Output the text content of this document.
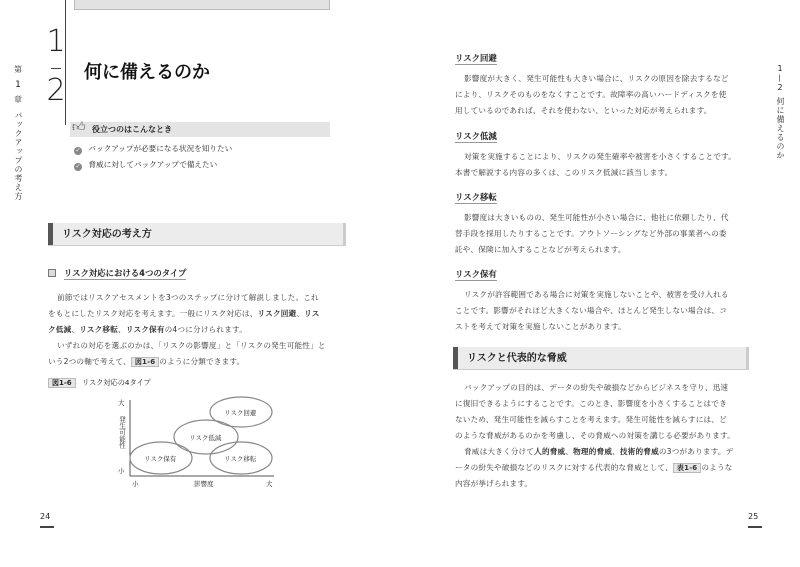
第
1
章
バックアップの考え方
1
2
何に備えるのか
👍︎ 役立つのはこんなとき
✓ バックアップが必要になる状況を知りたい
✓ 脅威に対してバックアップで備えたい
リスク対応の考え方
リスク対応における4つのタイプ
前節ではリスクアセスメントを3つのステップに分けて解説しました。これ
をもとにしたリスク対応を考えます。一般にリスク対応は、リスク回避、リス
ク低減、リスク移転、リスク保有の4つに分けられます。
いずれの対応を選ぶのかは、「リスクの影響度」と「リスクの発生可能性」と
いう2つの軸で考えて、 図1-6 のように分類できます。
図1-6 リスク対応の4タイプ
大
発生可能性
小
小	影響度	大
リスク回避
リスク低減
リスク保有	リスク移転
24
1
—
2
何に備えるのか
リスク回避
影響度が大きく、発生可能性も大きい場合に、リスクの原因を除去するなど
により、リスクそのものをなくすことです。故障率の高いハードディスクを使
用しているのであれば、それを使わない、といった対応が考えられます。
リスク低減
対策を実施することにより、リスクの発生確率や被害を小さくすることです。
本書で解説する内容の多くは、このリスク低減に該当します。
リスク移転
影響度は大きいものの、発生可能性が小さい場合に、他社に依頼したり、代
替手段を採用したりすることです。アウトソーシングなど外部の事業者への委
託や、保険に加入することなどが考えられます。
リスク保有
リスクが許容範囲である場合に対策を実施しないことや、被害を受け入れる
ことです。影響がそれほど大きくない場合や、ほとんど発生しない場合は、コ
ストを考えて対策を実施しないことがあります。
リスクと代表的な脅威
バックアップの目的は、データの紛失や破損などからビジネスを守り、迅速
に復旧できるようにすることです。このとき、影響度を小さくすることはでき
ないため、発生可能性を減らすことを考えます。発生可能性を減らすには、ど
のような脅威があるのかを考慮し、その脅威への対策を講じる必要があります。
脅威は大きく分けて人的脅威、物理的脅威、技術的脅威の3つがあります。デ
ータの紛失や破損などのリスクに対する代表的な脅威として、 表1-6 のような
内容が挙げられます。
25
